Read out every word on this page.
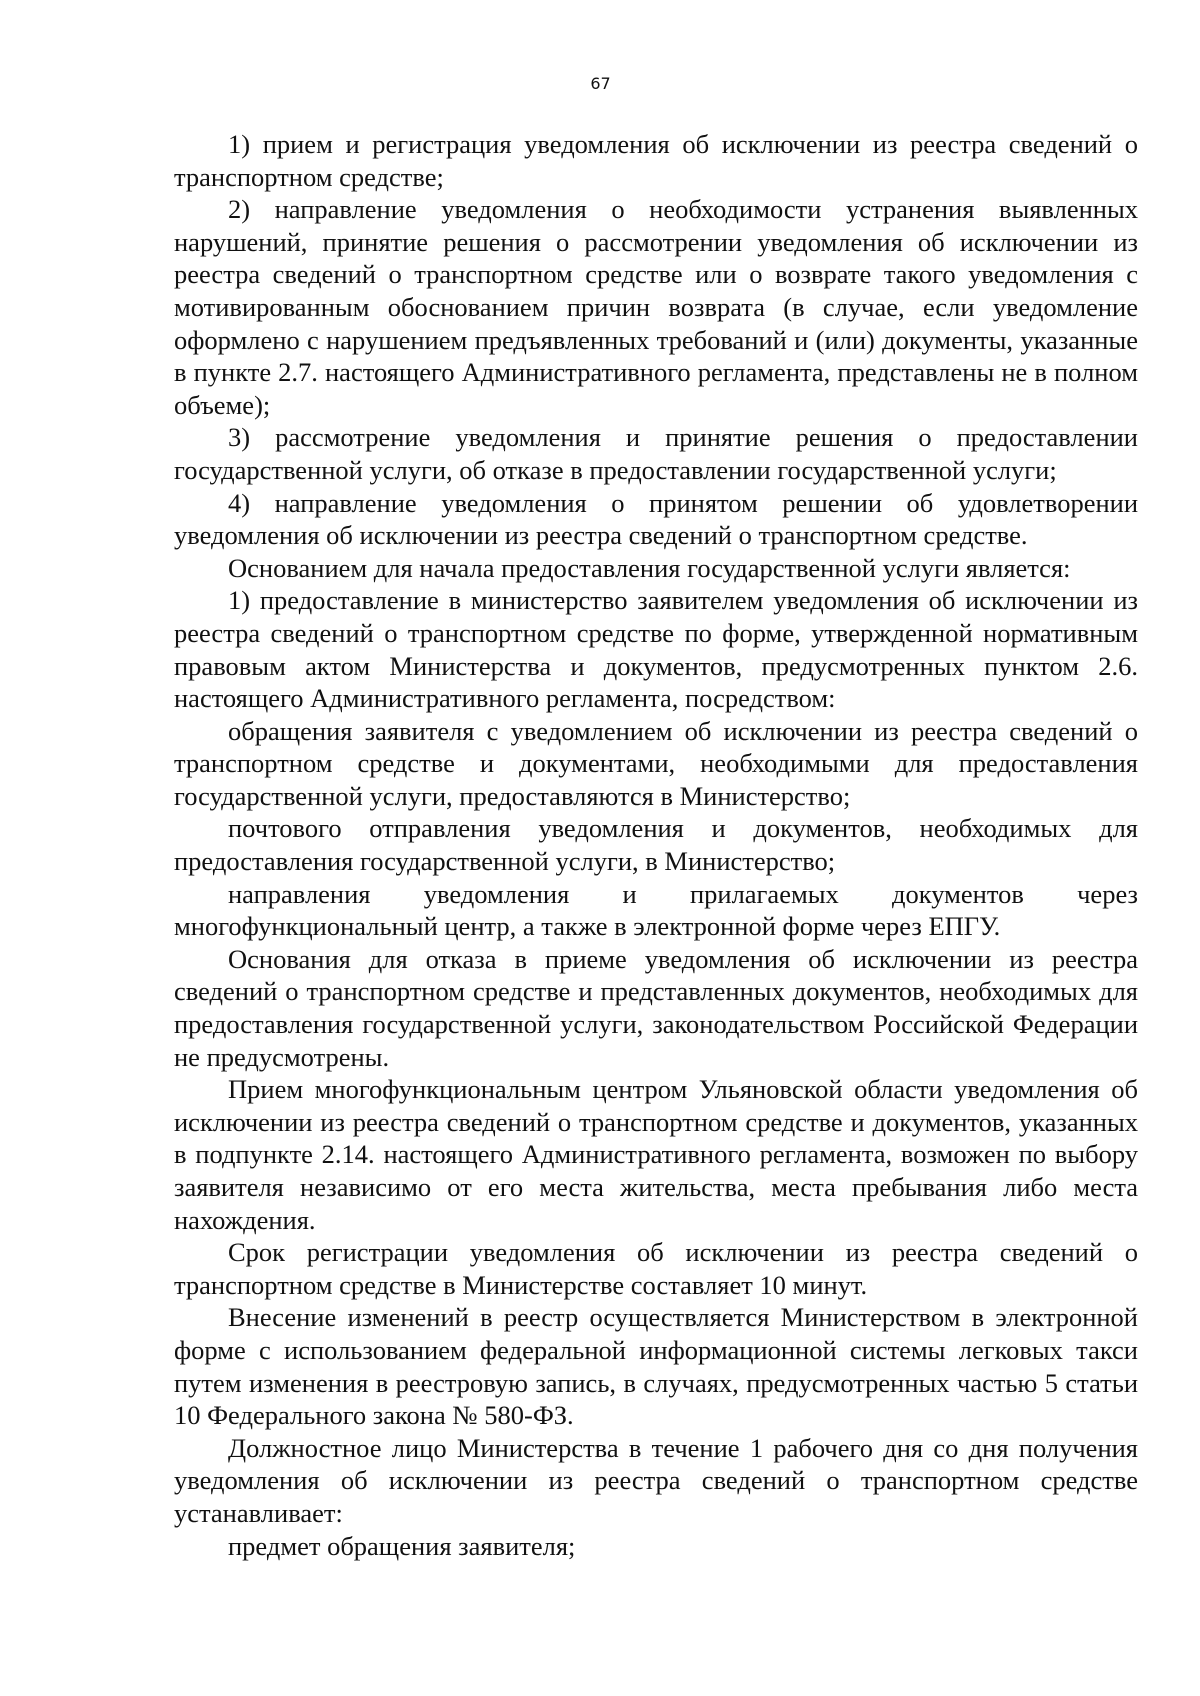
67

1) прием и регистрация уведомления об исключении из реестра сведений о транспортном средстве;

2) направление уведомления о необходимости устранения выявленных нарушений, принятие решения о рассмотрении уведомления об исключении из реестра сведений о транспортном средстве или о возврате такого уведомления с мотивированным обоснованием причин возврата (в случае, если уведомление оформлено с нарушением предъявленных требований и (или) документы, указанные в пункте 2.7. настоящего Административного регламента, представлены не в полном объеме);

3) рассмотрение уведомления и принятие решения о предоставлении государственной услуги, об отказе в предоставлении государственной услуги;

4) направление уведомления о принятом решении об удовлетворении уведомления об исключении из реестра сведений о транспортном средстве.

Основанием для начала предоставления государственной услуги является:

1) предоставление в министерство заявителем уведомления об исключении из реестра сведений о транспортном средстве по форме, утвержденной нормативным правовым актом Министерства и документов, предусмотренных пунктом 2.6. настоящего Административного регламента, посредством:

обращения заявителя с уведомлением об исключении из реестра сведений о транспортном средстве и документами, необходимыми для предоставления государственной услуги, предоставляются в Министерство;

почтового отправления уведомления и документов, необходимых для предоставления государственной услуги, в Министерство;

направления уведомления и прилагаемых документов через многофункциональный центр, а также в электронной форме через ЕПГУ.

Основания для отказа в приеме уведомления об исключении из реестра сведений о транспортном средстве и представленных документов, необходимых для предоставления государственной услуги, законодательством Российской Федерации не предусмотрены.

Прием многофункциональным центром Ульяновской области уведомления об исключении из реестра сведений о транспортном средстве и документов, указанных в подпункте 2.14. настоящего Административного регламента, возможен по выбору заявителя независимо от его места жительства, места пребывания либо места нахождения.

Срок регистрации уведомления об исключении из реестра сведений о транспортном средстве в Министерстве составляет 10 минут.

Внесение изменений в реестр осуществляется Министерством в электронной форме с использованием федеральной информационной системы легковых такси путем изменения в реестровую запись, в случаях, предусмотренных частью 5 статьи 10 Федерального закона № 580-ФЗ.

Должностное лицо Министерства в течение 1 рабочего дня со дня получения уведомления об исключении из реестра сведений о транспортном средстве устанавливает:

предмет обращения заявителя;
